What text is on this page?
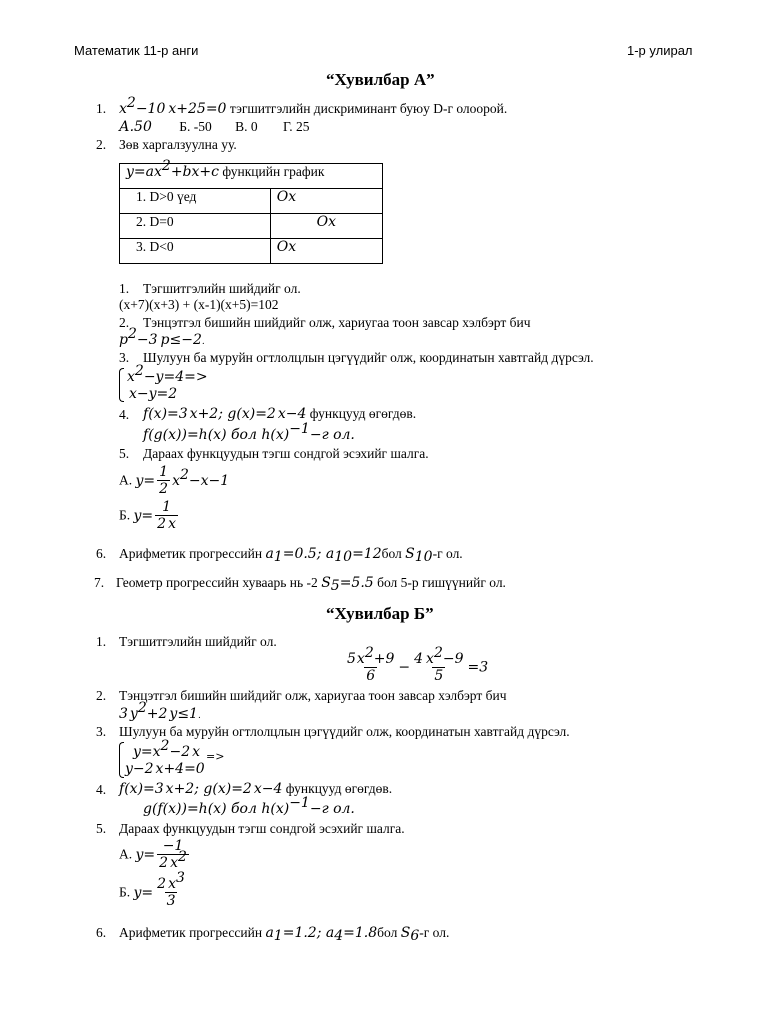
Математик 11-р анги	1-р улирал
“Хувилбар А”
1. $x^2-10$ x+25=0 тэгшитгэлийн дискриминант буюу D-г олоорой.
А.50 Б. -50 В. 0 Г. 25
2. Зөв харгалзуулна уу.
$y=ax^2+bx+c$ функцийн график	
1. D>0 үед	Ox
2. D=0	Ox
3. D<0	Ox
1. Тэгшитгэлийн шийдийг ол.
(x+7)(x+3) + (x-1)(x+5)=102
2. Тэнцэтгэл бишийн шийдийг олж, хариугаа тоон завсар хэлбэрт бич
$p^2-3$ p≤−2.
3. Шулуун ба муруйн огтлолцлын цэгүүдийг олж, координатын хавтгайд дүрсэл.
$x^2-y=4=>$
x−y=2
4. f(x)=3 x+2; g(x)=2 x−4 функцууд өгөгдөв.
f(g(x))=h(x) бол $h(x)^{-1}-г$ ол.
5. Дараах функцуудын тэгш сондгой эсэхийг шалга.
А. $y= \frac{1}{2} x^2-x-1$
Б. $y= \frac{1}{2 x}$
6. Арифметик прогрессийн $a_1=0.5$; $a_{10}=12бол$ $S_{10}-г$ ол.
7. Геометр прогрессийн хуваарь нь -2 $S_5=5.5$ бол 5-р гишүүнийг ол.
“Хувилбар Б”
1. Тэгшитгэлийн шийдийг ол.
$\frac{5x^2+9}{6} - \frac{4 x^2-9}{5} =3$
2. Тэнцэтгэл бишийн шийдийг олж, хариугаа тоон завсар хэлбэрт бич
3 $y^2+2$ y≤1.
3. Шулуун ба муруйн огтлолцлын цэгүүдийг олж, координатын хавтгайд дүрсэл.
$y=x^2-2$ x $_{=>}$
y−2 x+4=0
4. f(x)=3 x+2; g(x)=2 x−4 функцууд өгөгдөв.
g(f(x))=h(x) бол $h(x)^{-1}-г$ ол.
5. Дараах функцуудын тэгш сондгой эсэхийг шалга.
А. $y= \frac{-1}{2 x^2}$
Б. $y= \frac{2 x^3}{3}$
6. Арифметик прогрессийн $a_1=1.2$; $a_4=1.8бол$ $S_6-г$ ол.
